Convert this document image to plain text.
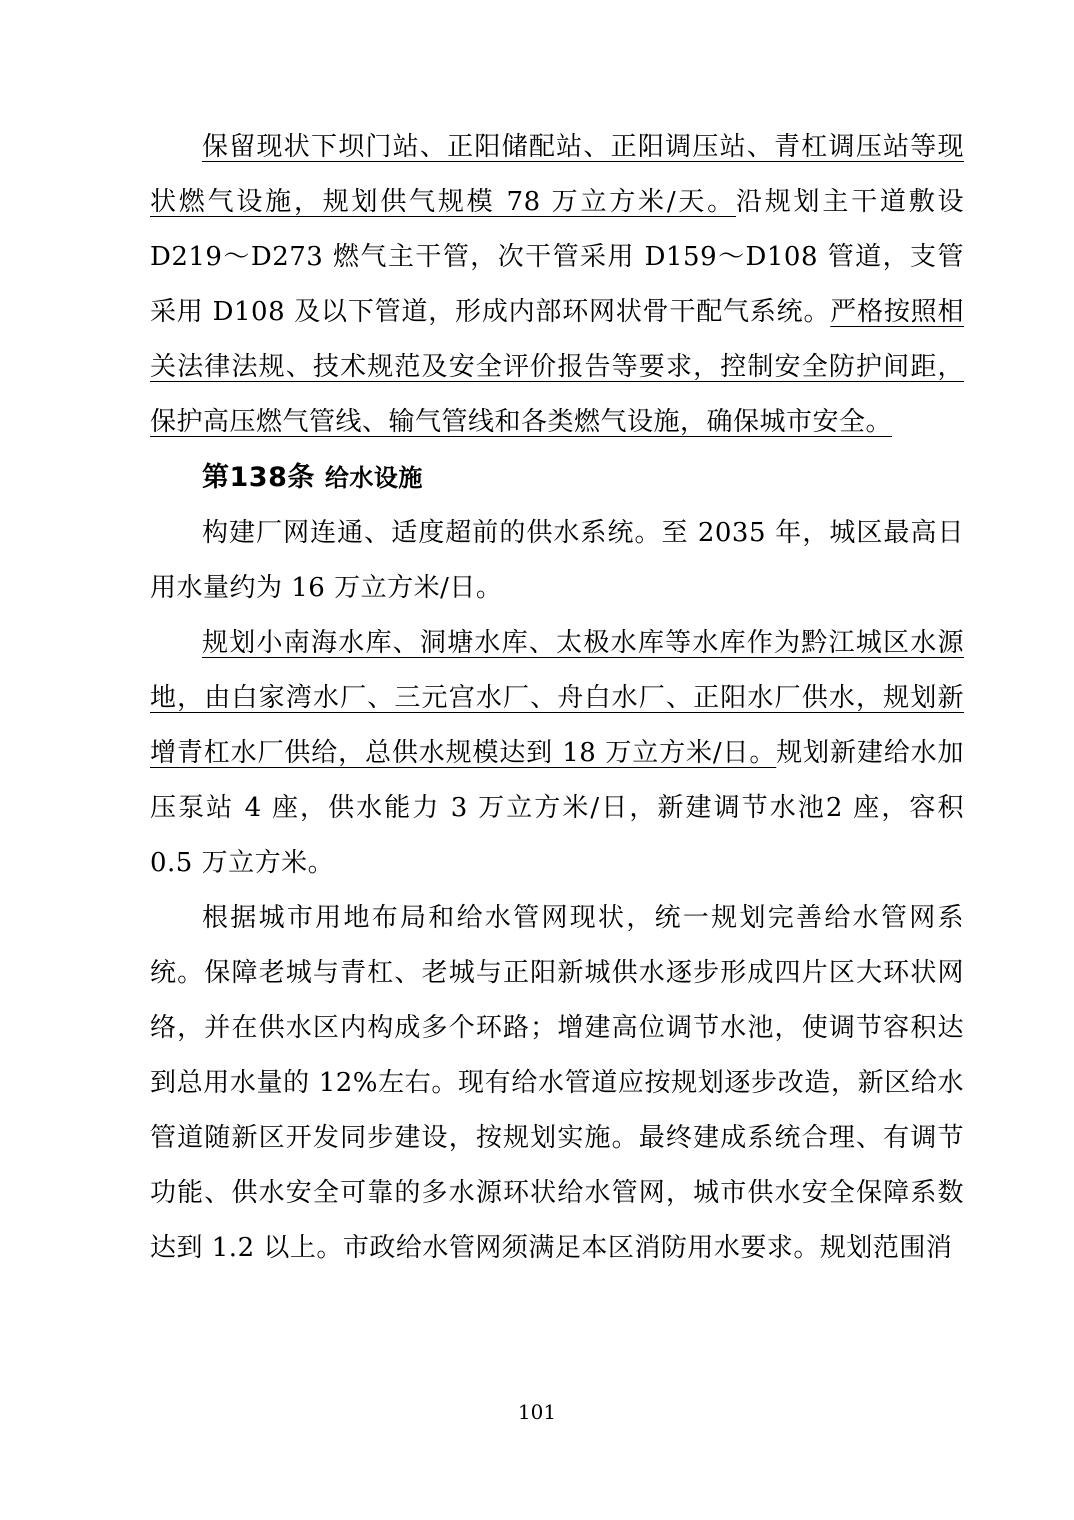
保留现状下坝门站、正阳储配站、正阳调压站、青杠调压站等现状燃气设施，规划供气规模 78 万立方米/天。沿规划主干道敷设 D219～D273 燃气主干管，次干管采用 D159～D108 管道，支管采用 D108 及以下管道，形成内部环网状骨干配气系统。严格按照相关法律法规、技术规范及安全评价报告等要求，控制安全防护间距，保护高压燃气管线、输气管线和各类燃气设施，确保城市安全。

第138条 给水设施

构建厂网连通、适度超前的供水系统。至 2035 年，城区最高日用水量约为 16 万立方米/日。

规划小南海水库、洞塘水库、太极水库等水库作为黔江城区水源地，由白家湾水厂、三元宫水厂、舟白水厂、正阳水厂供水，规划新增青杠水厂供给，总供水规模达到 18 万立方米/日。规划新建给水加压泵站 4 座，供水能力 3 万立方米/日，新建调节水池2 座，容积 0.5 万立方米。

根据城市用地布局和给水管网现状，统一规划完善给水管网系统。保障老城与青杠、老城与正阳新城供水逐步形成四片区大环状网络，并在供水区内构成多个环路；增建高位调节水池，使调节容积达到总用水量的 12%左右。现有给水管道应按规划逐步改造，新区给水管道随新区开发同步建设，按规划实施。最终建成系统合理、有调节功能、供水安全可靠的多水源环状给水管网，城市供水安全保障系数达到 1.2 以上。市政给水管网须满足本区消防用水要求。规划范围消

101
